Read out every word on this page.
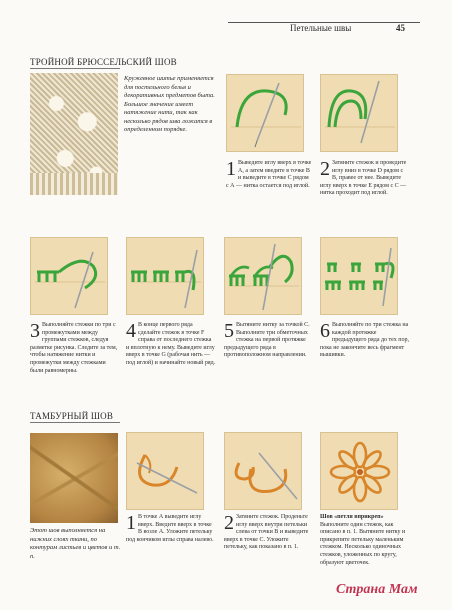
Петельные швы	45
ТРОЙНОЙ БРЮССЕЛЬСКИЙ ШОВ
Кружевное шитье применяется для постельного белья и декоративных предметов быта. Большое значение имеет натяжение нити, так как несколько рядов шва ложатся в определенном порядке.
1 Выведите иглу вверх в точке А, а затем введите в точке В и выведите в точке С рядом с А — нитка остается под иглой.
2 Затяните стежок и проведите иглу вниз в точке D рядом с В, правее от нее. Выведите иглу вверх в точке Е рядом с С — нитка проходит под иглой.
3 Выполняйте стежки по три с промежутками между группами стежков, следуя разметке рисунка. Следите за тем, чтобы натяжение нитки и промежутки между стежками были равномерны.
4 В конце первого ряда сделайте стежок в точке F справа от последнего стежка и вплотную к нему. Выведите иглу вверх в точке G (рабочая нить — под иглой) и начинайте новый ряд.
5 Вытяните нитку за точкой С. Выполните три обметочных стежка на первой протяжке предыдущего ряда в противоположном направлении.
6 Выполняйте по три стежка на каждой протяжке предыдущего ряда до тех пор, пока не закончите весь фрагмент вышивки.
ТАМБУРНЫЙ ШОВ
Этот шов выполняется на нижних слоях ткани, по контурам листьев и цветов и т. п.
1 В точке А выведите иглу вверх. Введите вверх в точке В возле А. Уложите петельку под кончиком иглы справа налево.
2 Затяните стежок. Проденьте иглу вверх внутри петельки слева от точки В и выведите вверх в точке С. Уложите петельку, как показано в п. 1.
Шов «петля вприкреп» Выполните один стежок, как описано в п. 1. Вытяните нитку и прикрепите петельку маленьким стежком. Несколько одиночных стежков, уложенных по кругу, образуют цветочек.
Страна Мам
